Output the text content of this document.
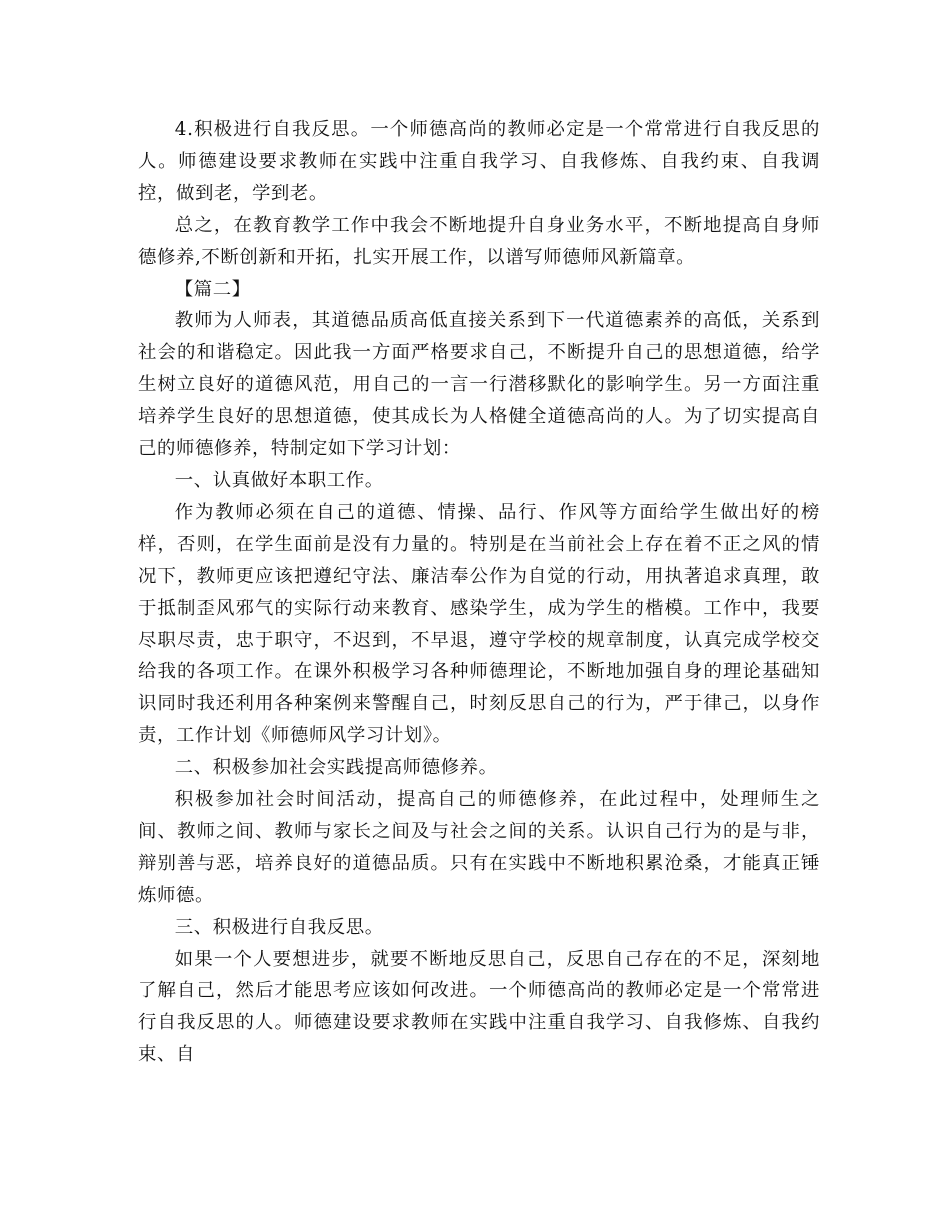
4.积极进行自我反思。一个师德高尚的教师必定是一个常常进行自我反思的人。师德建设要求教师在实践中注重自我学习、自我修炼、自我约束、自我调控，做到老，学到老。

总之，在教育教学工作中我会不断地提升自身业务水平，不断地提高自身师德修养,不断创新和开拓，扎实开展工作，以谱写师德师风新篇章。

【篇二】

教师为人师表，其道德品质高低直接关系到下一代道德素养的高低，关系到社会的和谐稳定。因此我一方面严格要求自己，不断提升自己的思想道德，给学生树立良好的道德风范，用自己的一言一行潜移默化的影响学生。另一方面注重培养学生良好的思想道德，使其成长为人格健全道德高尚的人。为了切实提高自己的师德修养，特制定如下学习计划：

一、认真做好本职工作。

作为教师必须在自己的道德、情操、品行、作风等方面给学生做出好的榜样，否则，在学生面前是没有力量的。特别是在当前社会上存在着不正之风的情况下，教师更应该把遵纪守法、廉洁奉公作为自觉的行动，用执著追求真理，敢于抵制歪风邪气的实际行动来教育、感染学生，成为学生的楷模。工作中，我要尽职尽责，忠于职守，不迟到，不早退，遵守学校的规章制度，认真完成学校交给我的各项工作。在课外积极学习各种师德理论，不断地加强自身的理论基础知识同时我还利用各种案例来警醒自己，时刻反思自己的行为，严于律己，以身作责，工作计划《师德师风学习计划》。

二、积极参加社会实践提高师德修养。

积极参加社会时间活动，提高自己的师德修养，在此过程中，处理师生之间、教师之间、教师与家长之间及与社会之间的关系。认识自己行为的是与非，辩别善与恶，培养良好的道德品质。只有在实践中不断地积累沧桑，才能真正锤炼师德。

三、积极进行自我反思。

如果一个人要想进步，就要不断地反思自己，反思自己存在的不足，深刻地了解自己，然后才能思考应该如何改进。一个师德高尚的教师必定是一个常常进行自我反思的人。师德建设要求教师在实践中注重自我学习、自我修炼、自我约束、自
